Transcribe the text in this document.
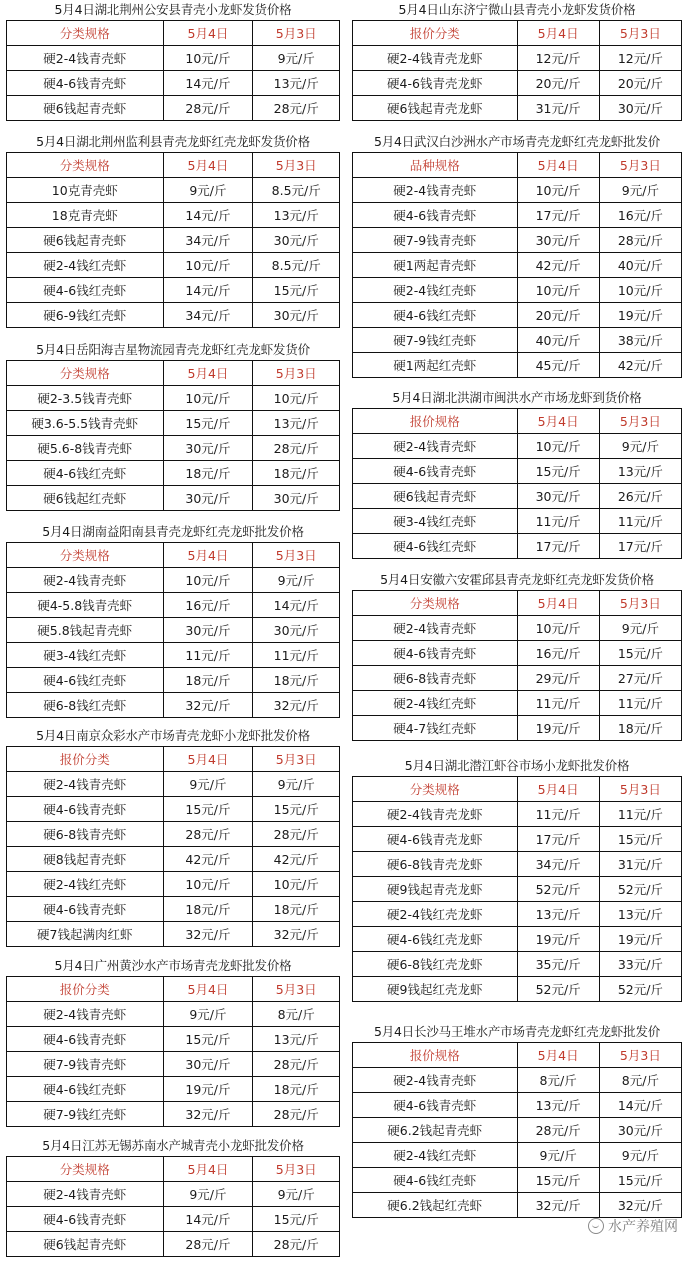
5月4日湖北荆州公安县青壳小龙虾发货价格
分类规格	5月4日	5月3日
硬2-4钱青壳虾	10元/斤	9元/斤
硬4-6钱青壳虾	14元/斤	13元/斤
硬6钱起青壳虾	28元/斤	28元/斤
5月4日湖北荆州监利县青壳龙虾红壳龙虾发货价格
分类规格	5月4日	5月3日
10克青壳虾	9元/斤	8.5元/斤
18克青壳虾	14元/斤	13元/斤
硬6钱起青壳虾	34元/斤	30元/斤
硬2-4钱红壳虾	10元/斤	8.5元/斤
硬4-6钱红壳虾	14元/斤	15元/斤
硬6-9钱红壳虾	34元/斤	30元/斤
5月4日岳阳海吉星物流园青壳龙虾红壳龙虾发货价
分类规格	5月4日	5月3日
硬2-3.5钱青壳虾	10元/斤	10元/斤
硬3.6-5.5钱青壳虾	15元/斤	13元/斤
硬5.6-8钱青壳虾	30元/斤	28元/斤
硬4-6钱红壳虾	18元/斤	18元/斤
硬6钱起红壳虾	30元/斤	30元/斤
5月4日湖南益阳南县青壳龙虾红壳龙虾批发价格
分类规格	5月4日	5月3日
硬2-4钱青壳虾	10元/斤	9元/斤
硬4-5.8钱青壳虾	16元/斤	14元/斤
硬5.8钱起青壳虾	30元/斤	30元/斤
硬3-4钱红壳虾	11元/斤	11元/斤
硬4-6钱红壳虾	18元/斤	18元/斤
硬6-8钱红壳虾	32元/斤	32元/斤
5月4日南京众彩水产市场青壳龙虾小龙虾批发价格
报价分类	5月4日	5月3日
硬2-4钱青壳虾	9元/斤	9元/斤
硬4-6钱青壳虾	15元/斤	15元/斤
硬6-8钱青壳虾	28元/斤	28元/斤
硬8钱起青壳虾	42元/斤	42元/斤
硬2-4钱红壳虾	10元/斤	10元/斤
硬4-6钱青壳虾	18元/斤	18元/斤
硬7钱起满肉红虾	32元/斤	32元/斤
5月4日广州黄沙水产市场青壳龙虾批发价格
报价分类	5月4日	5月3日
硬2-4钱青壳虾	9元/斤	8元/斤
硬4-6钱青壳虾	15元/斤	13元/斤
硬7-9钱青壳虾	30元/斤	28元/斤
硬4-6钱红壳虾	19元/斤	18元/斤
硬7-9钱红壳虾	32元/斤	28元/斤
5月4日江苏无锡苏南水产城青壳小龙虾批发价格
分类规格	5月4日	5月3日
硬2-4钱青壳虾	9元/斤	9元/斤
硬4-6钱青壳虾	14元/斤	15元/斤
硬6钱起青壳虾	28元/斤	28元/斤
5月4日山东济宁微山县青壳小龙虾发货价格
报价分类	5月4日	5月3日
硬2-4钱青壳龙虾	12元/斤	12元/斤
硬4-6钱青壳龙虾	20元/斤	20元/斤
硬6钱起青壳龙虾	31元/斤	30元/斤
5月4日武汉白沙洲水产市场青壳龙虾红壳龙虾批发价
品种规格	5月4日	5月3日
硬2-4钱青壳虾	10元/斤	9元/斤
硬4-6钱青壳虾	17元/斤	16元/斤
硬7-9钱青壳虾	30元/斤	28元/斤
硬1两起青壳虾	42元/斤	40元/斤
硬2-4钱红壳虾	10元/斤	10元/斤
硬4-6钱红壳虾	20元/斤	19元/斤
硬7-9钱红壳虾	40元/斤	38元/斤
硬1两起红壳虾	45元/斤	42元/斤
5月4日湖北洪湖市闽洪水产市场龙虾到货价格
报价规格	5月4日	5月3日
硬2-4钱青壳虾	10元/斤	9元/斤
硬4-6钱青壳虾	15元/斤	13元/斤
硬6钱起青壳虾	30元/斤	26元/斤
硬3-4钱红壳虾	11元/斤	11元/斤
硬4-6钱红壳虾	17元/斤	17元/斤
5月4日安徽六安霍邱县青壳龙虾红壳龙虾发货价格
分类规格	5月4日	5月3日
硬2-4钱青壳虾	10元/斤	9元/斤
硬4-6钱青壳虾	16元/斤	15元/斤
硬6-8钱青壳虾	29元/斤	27元/斤
硬2-4钱红壳虾	11元/斤	11元/斤
硬4-7钱红壳虾	19元/斤	18元/斤
5月4日湖北潜江虾谷市场小龙虾批发价格
分类规格	5月4日	5月3日
硬2-4钱青壳龙虾	11元/斤	11元/斤
硬4-6钱青壳龙虾	17元/斤	15元/斤
硬6-8钱青壳龙虾	34元/斤	31元/斤
硬9钱起青壳龙虾	52元/斤	52元/斤
硬2-4钱红壳龙虾	13元/斤	13元/斤
硬4-6钱红壳龙虾	19元/斤	19元/斤
硬6-8钱红壳龙虾	35元/斤	33元/斤
硬9钱起红壳龙虾	52元/斤	52元/斤
5月4日长沙马王堆水产市场青壳龙虾红壳龙虾批发价
报价规格	5月4日	5月3日
硬2-4钱青壳虾	8元/斤	8元/斤
硬4-6钱青壳虾	13元/斤	14元/斤
硬6.2钱起青壳虾	28元/斤	30元/斤
硬2-4钱红壳虾	9元/斤	9元/斤
硬4-6钱红壳虾	15元/斤	15元/斤
硬6.2钱起红壳虾	32元/斤	32元/斤
水产养殖网
